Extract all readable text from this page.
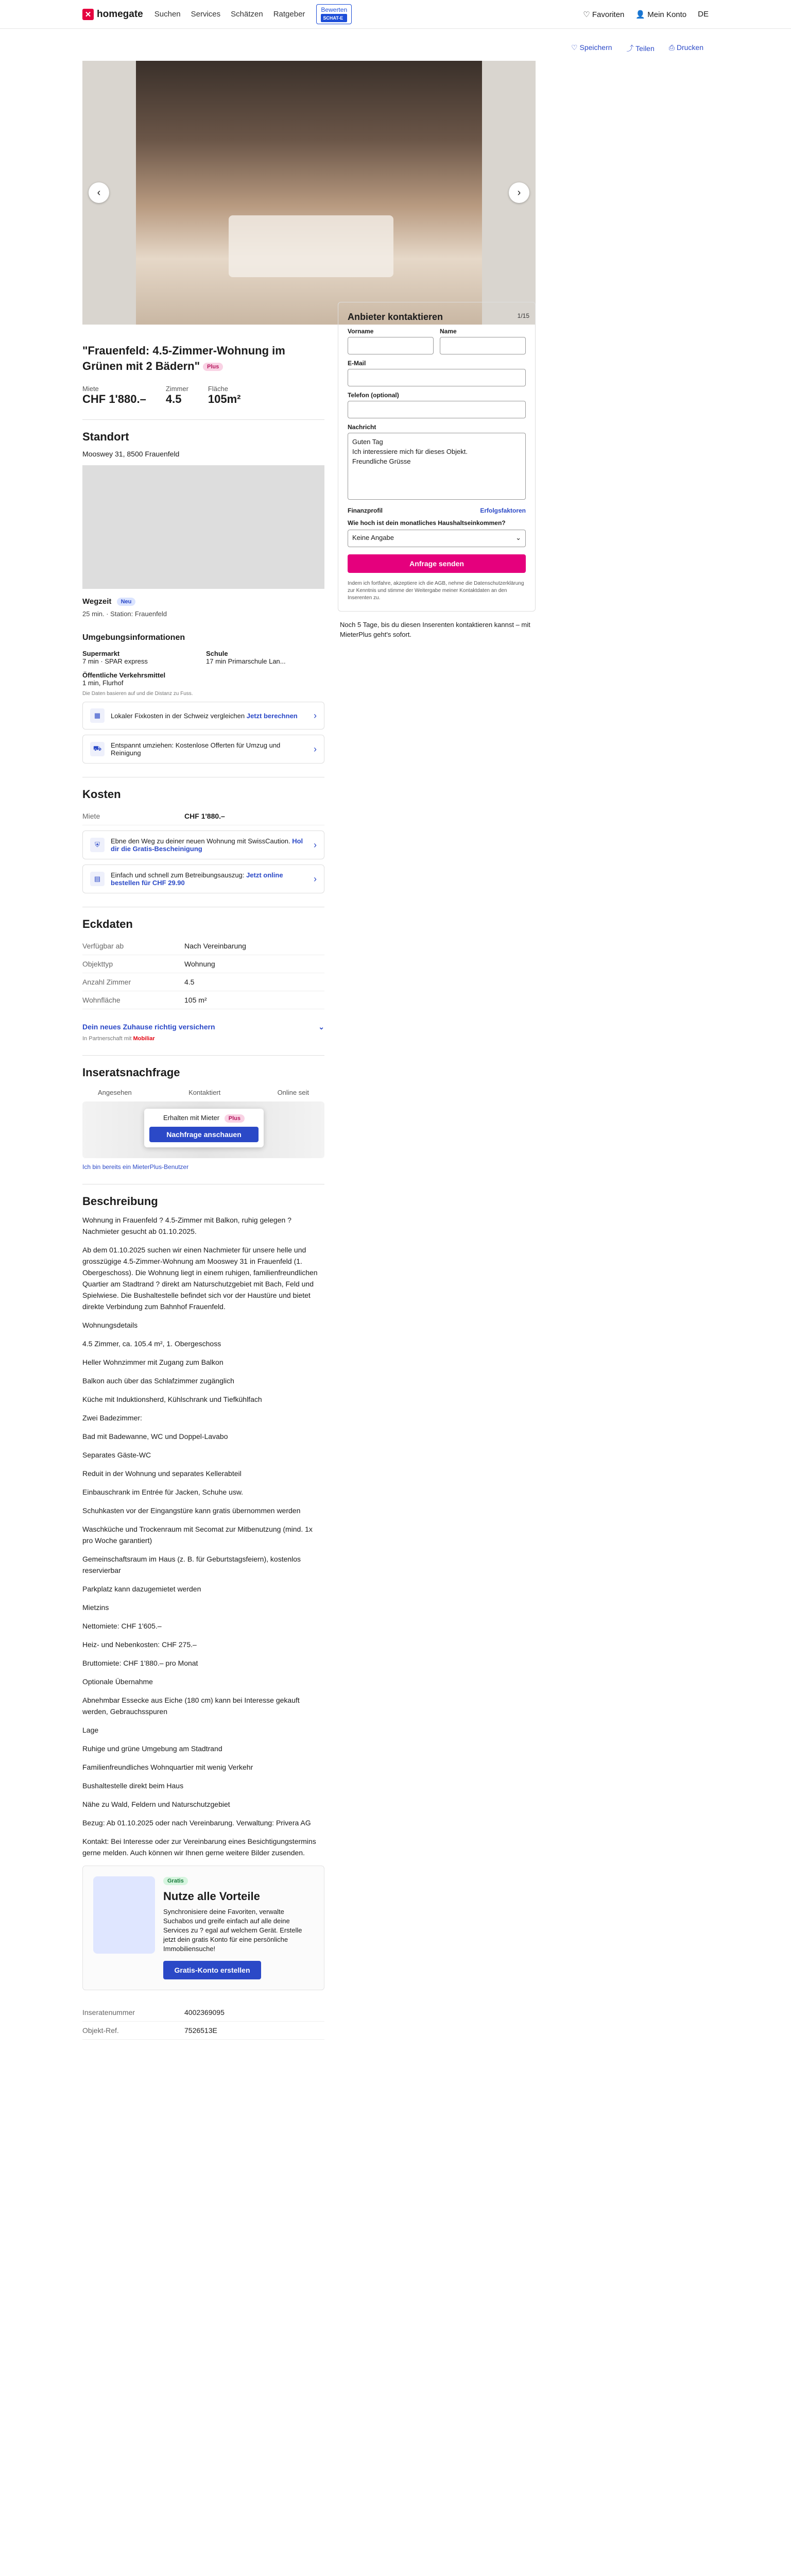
✕ homegate Suchen Services Schätzen Ratgeber	Bewerten
SCHAT-E	♡ Favoriten 👤 Mein Konto DE
♡ Speichern ⤴ Teilen ⎙ Drucken
‹	›
1/15
"Frauenfeld: 4.5-Zimmer-Wohnung im Grünen mit 2 Bädern" Plus
Miete
CHF 1'880.–
Zimmer
4.5
Fläche
105m²
Standort
Mooswey 31, 8500 Frauenfeld
Wegzeit Neu
25 min. · Station: Frauenfeld
Umgebungsinformationen
Supermarkt
7 min · SPAR express
Schule
17 min Primarschule Lan...
Öffentliche Verkehrsmittel
1 min, Flurhof
Die Daten basieren auf und die Distanz zu Fuss.
▦	Lokaler Fixkosten in der Schweiz vergleichen Jetzt berechnen ›
⛟	Entspannt umziehen: Kostenlose Offerten für Umzug und Reinigung	›
Kosten
Miete	CHF 1'880.–
⛨	Ebne den Weg zu deiner neuen Wohnung mit SwissCaution. Hol dir die Gratis-Bescheinigung	›
▤	Einfach und schnell zum Betreibungsauszug: Jetzt online bestellen für CHF 29.90	›
Eckdaten
Verfügbar ab	Nach Vereinbarung
Objekttyp	Wohnung
Anzahl Zimmer	4.5
Wohnfläche	105 m²
Dein neues Zuhause richtig versichern	⌄
In Partnerschaft mit Mobiliar
Inseratsnachfrage
Angesehen	Kontaktiert	Online seit
Erhalten mit Mieter Plus
Nachfrage anschauen
Ich bin bereits ein MieterPlus-Benutzer
Beschreibung

Wohnung in Frauenfeld ? 4.5-Zimmer mit Balkon, ruhig gelegen ? Nachmieter gesucht ab 01.10.2025.

Ab dem 01.10.2025 suchen wir einen Nachmieter für unsere helle und grosszügige 4.5-Zimmer-Wohnung am Mooswey 31 in Frauenfeld (1. Obergeschoss). Die Wohnung liegt in einem ruhigen, familienfreundlichen Quartier am Stadtrand ? direkt am Naturschutzgebiet mit Bach, Feld und Spielwiese. Die Bushaltestelle befindet sich vor der Haustüre und bietet direkte Verbindung zum Bahnhof Frauenfeld.

Wohnungsdetails

4.5 Zimmer, ca. 105.4 m², 1. Obergeschoss

Heller Wohnzimmer mit Zugang zum Balkon

Balkon auch über das Schlafzimmer zugänglich

Küche mit Induktionsherd, Kühlschrank und Tiefkühlfach

Zwei Badezimmer:

Bad mit Badewanne, WC und Doppel-Lavabo

Separates Gäste-WC

Reduit in der Wohnung und separates Kellerabteil

Einbauschrank im Entrée für Jacken, Schuhe usw.

Schuhkasten vor der Eingangstüre kann gratis übernommen werden

Waschküche und Trockenraum mit Secomat zur Mitbenutzung (mind. 1x pro Woche garantiert)

Gemeinschaftsraum im Haus (z. B. für Geburtstagsfeiern), kostenlos reservierbar

Parkplatz kann dazugemietet werden

Mietzins

Nettomiete: CHF 1'605.–

Heiz- und Nebenkosten: CHF 275.–

Bruttomiete: CHF 1'880.– pro Monat

Optionale Übernahme

Abnehmbar Essecke aus Eiche (180 cm) kann bei Interesse gekauft werden, Gebrauchsspuren

Lage

Ruhige und grüne Umgebung am Stadtrand

Familienfreundliches Wohnquartier mit wenig Verkehr

Bushaltestelle direkt beim Haus

Nähe zu Wald, Feldern und Naturschutzgebiet

Bezug: Ab 01.10.2025 oder nach Vereinbarung. Verwaltung: Privera AG

Kontakt: Bei Interesse oder zur Vereinbarung eines Besichtigungstermins gerne melden. Auch können wir Ihnen gerne weitere Bilder zusenden.

Gratis
Nutze alle Vorteile
Synchronisiere deine Favoriten, verwalte Suchabos und greife einfach auf alle deine Services zu ? egal auf welchem Gerät. Erstelle jetzt dein gratis Konto für eine persönliche Immobiliensuche!
Gratis-Konto erstellen
Inseratenummer	4002369095
Objekt-Ref.	7526513E
Anbieter kontaktieren
Vorname	Name
E-Mail
Telefon (optional)
Nachricht
Guten Tag
Ich interessiere mich für dieses Objekt.
Freundliche Grüsse
Finanzprofil	Erfolgsfaktoren
Wie hoch ist dein monatliches Haushaltseinkommen?
Keine Angabe	⌄
Anfrage senden
Indem ich fortfahre, akzeptiere ich die AGB, nehme die Datenschutzerklärung zur Kenntnis und stimme der Weitergabe meiner Kontaktdaten an den Inserenten zu.
Noch 5 Tage, bis du diesen Inserenten kontaktieren kannst – mit MieterPlus geht's sofort.
